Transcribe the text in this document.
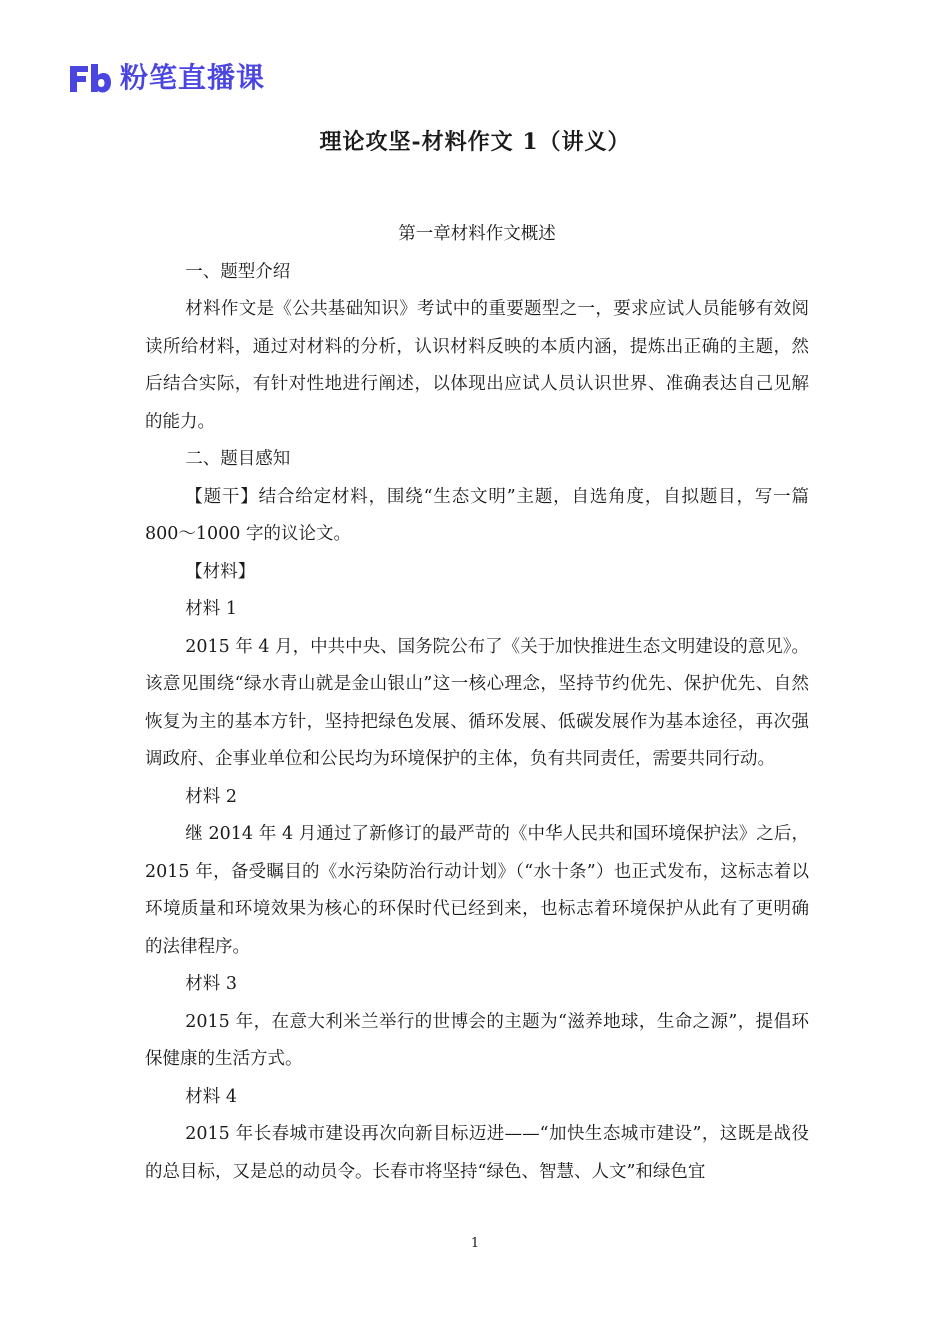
粉笔直播课
理论攻坚-材料作文 1（讲义）

第一章材料作文概述

一、题型介绍

材料作文是《公共基础知识》考试中的重要题型之一，要求应试人员能够有效阅读所给材料，通过对材料的分析，认识材料反映的本质内涵，提炼出正确的主题，然后结合实际，有针对性地进行阐述，以体现出应试人员认识世界、准确表达自己见解的能力。

二、题目感知

【题干】结合给定材料，围绕“生态文明”主题，自选角度，自拟题目，写一篇 800～1000 字的议论文。

【材料】

材料 1

2015 年 4 月，中共中央、国务院公布了《关于加快推进生态文明建设的意见》。该意见围绕“绿水青山就是金山银山”这一核心理念，坚持节约优先、保护优先、自然恢复为主的基本方针，坚持把绿色发展、循环发展、低碳发展作为基本途径，再次强调政府、企事业单位和公民均为环境保护的主体，负有共同责任，需要共同行动。

材料 2

继 2014 年 4 月通过了新修订的最严苛的《中华人民共和国环境保护法》之后，2015 年，备受瞩目的《水污染防治行动计划》（“水十条”）也正式发布，这标志着以环境质量和环境效果为核心的环保时代已经到来，也标志着环境保护从此有了更明确的法律程序。

材料 3

2015 年，在意大利米兰举行的世博会的主题为“滋养地球，生命之源”，提倡环保健康的生活方式。

材料 4

2015 年长春城市建设再次向新目标迈进——“加快生态城市建设”，这既是战役的总目标，又是总的动员令。长春市将坚持“绿色、智慧、人文”和绿色宜

1
